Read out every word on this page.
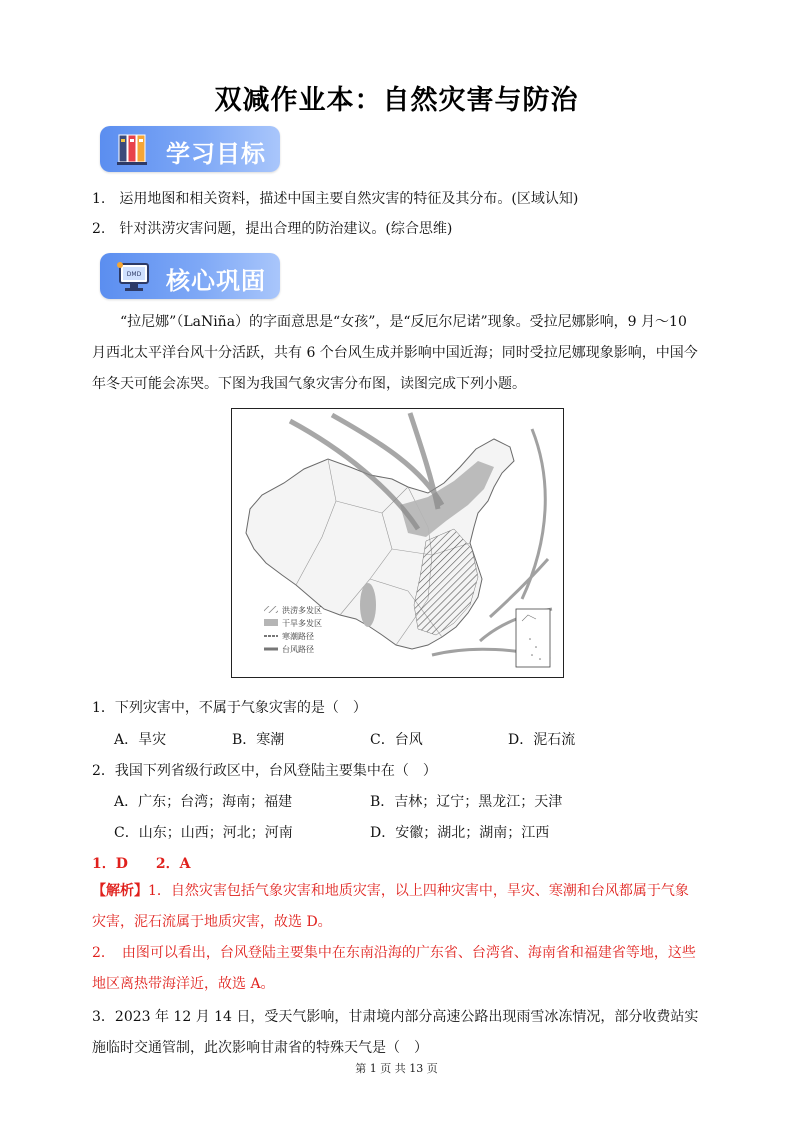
双减作业本：自然灾害与防治
学习目标
1.　运用地图和相关资料，描述中国主要自然灾害的特征及其分布。(区域认知)
2.　针对洪涝灾害问题，提出合理的防治建议。(综合思维)
DMD 核心巩固
“拉尼娜”（LaNiña）的字面意思是“女孩”，是“反厄尔尼诺”现象。受拉尼娜影响，9 月～10 月西北太平洋台风十分活跃，共有 6 个台风生成并影响中国近海；同时受拉尼娜现象影响，中国今年冬天可能会冻哭。下图为我国气象灾害分布图，读图完成下列小题。
洪涝多发区
干旱多发区
寒潮路径
台风路径
1．下列灾害中，不属于气象灾害的是（　）
A．旱灾	B．寒潮	C．台风	D．泥石流
2．我国下列省级行政区中，台风登陆主要集中在（　）
A．广东；台湾；海南；福建	B．吉林；辽宁；黑龙江；天津
C．山东；山西；河北；河南	D．安徽；湖北；湖南；江西
1．D　　2．A
【解析】1．自然灾害包括气象灾害和地质灾害，以上四种灾害中，旱灾、寒潮和台风都属于气象灾害，泥石流属于地质灾害，故选 D。
2．　由图可以看出，台风登陆主要集中在东南沿海的广东省、台湾省、海南省和福建省等地，这些地区离热带海洋近，故选 A。
3．2023 年 12 月 14 日，受天气影响，甘肃境内部分高速公路出现雨雪冰冻情况，部分收费站实施临时交通管制，此次影响甘肃省的特殊天气是（　）
第 1 页 共 13 页
